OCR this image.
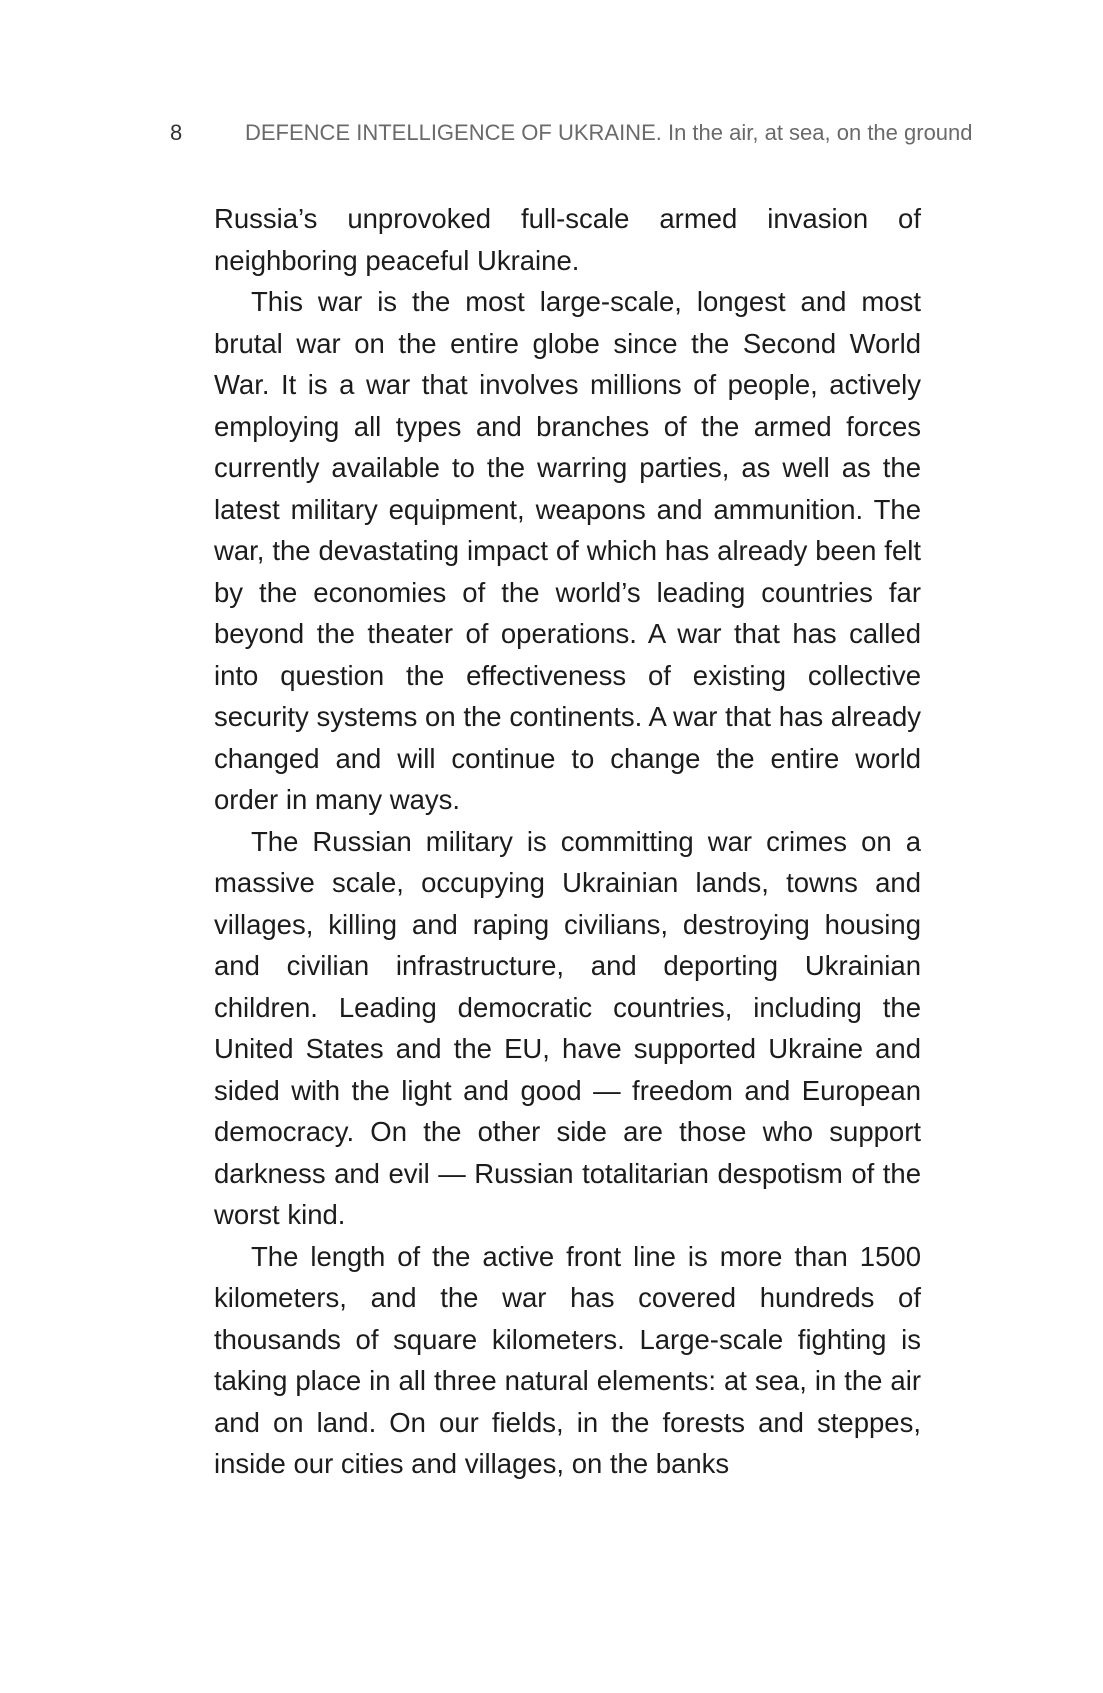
8	DEFENCE INTELLIGENCE OF UKRAINE. In the air, at sea, on the ground

Russia’s unprovoked full-scale armed invasion of neighboring peaceful Ukraine.

This war is the most large-scale, longest and most brutal war on the entire globe since the Second World War. It is a war that involves millions of people, actively employing all types and branches of the armed forces currently available to the warring parties, as well as the latest military equipment, weapons and ammunition. The war, the devastating impact of which has already been felt by the economies of the world’s leading countries far beyond the theater of operations. A war that has called into question the effectiveness of existing collective security systems on the continents. A war that has already changed and will continue to change the entire world order in many ways.

The Russian military is committing war crimes on a massive scale, occupying Ukrainian lands, towns and villages, killing and raping civilians, destroying housing and civilian infrastructure, and deporting Ukrainian children. Leading democratic countries, including the United States and the EU, have supported Ukraine and sided with the light and good — freedom and European democracy. On the other side are those who support darkness and evil — Russian totalitarian despotism of the worst kind.

The length of the active front line is more than 1500 kilometers, and the war has covered hundreds of thousands of square kilometers. Large-scale fighting is taking place in all three natural elements: at sea, in the air and on land. On our fields, in the forests and steppes, inside our cities and villages, on the banks
